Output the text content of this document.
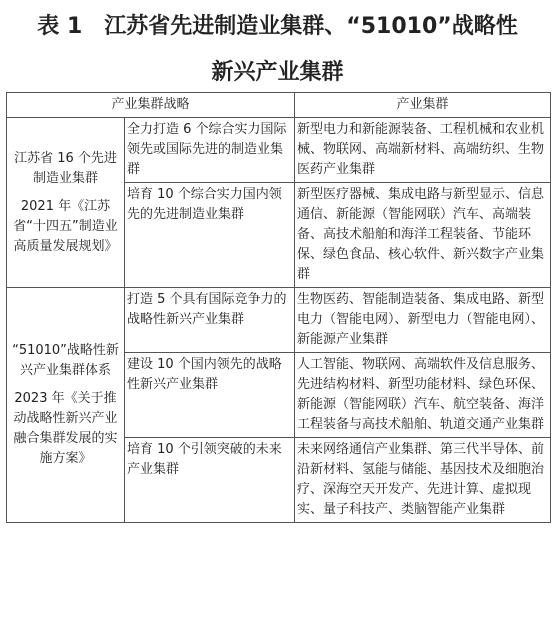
表 1　江苏省先进制造业集群、“51010”战略性
新兴产业集群
产业集群战略		产业集群

江苏省 16 个先进制造业集群

2021 年《江苏省“十四五”制造业高质量发展规划》	全力打造 6 个综合实力国际领先或国际先进的制造业集群	新型电力和新能源装备、工程机械和农业机械、物联网、高端新材料、高端纺织、生物医药产业集群
	培育 10 个综合实力国内领先的先进制造业集群	新型医疗器械、集成电路与新型显示、信息通信、新能源（智能网联）汽车、高端装备、高技术船舶和海洋工程装备、节能环保、绿色食品、核心软件、新兴数字产业集群

“51010”战略性新兴产业集群体系

2023 年《关于推动战略性新兴产业融合集群发展的实施方案》	打造 5 个具有国际竞争力的战略性新兴产业集群	生物医药、智能制造装备、集成电路、新型电力（智能电网）、新型电力（智能电网）、新能源产业集群
	建设 10 个国内领先的战略性新兴产业集群	人工智能、物联网、高端软件及信息服务、先进结构材料、新型功能材料、绿色环保、新能源（智能网联）汽车、航空装备、海洋工程装备与高技术船舶、轨道交通产业集群
	培育 10 个引领突破的未来产业集群	未来网络通信产业集群、第三代半导体、前沿新材料、氢能与储能、基因技术及细胞治疗、深海空天开发产、先进计算、虚拟现实、量子科技产、类脑智能产业集群
